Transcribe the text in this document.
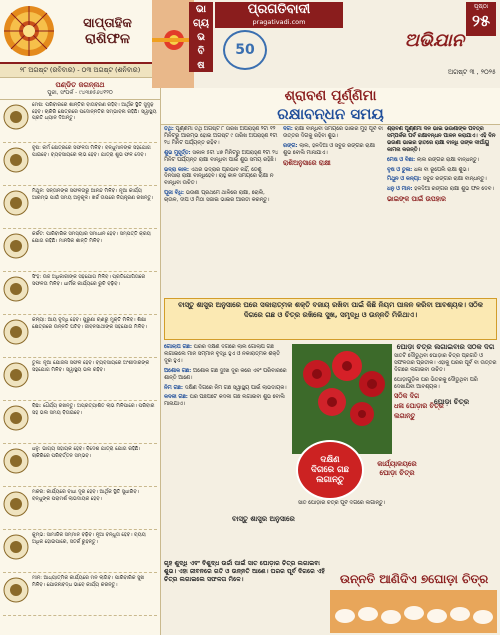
ସାପ୍ତାହିକ
ରାଶିଫଳ
୨୮ ଅଗଷ୍ଟ (ରବିବାର) - ୦୩ ଅଗଷ୍ଟ (ଶନିବାର)
ପଣ୍ଡିତ ଜଗନ୍ନାଥ
ପୁରୀ, ସଂପର୍କ - ୯୪୩୭୫୬୪୧୨୦
ମେଷ: ପରିବାରରେ ଶାନ୍ତିର ବାତାବରଣ ରହିବ। ଆର୍ଥିକ ସ୍ଥିତି ସୁଦୃଢ଼ ହେବ। ଚାକିରି କ୍ଷେତ୍ରରେ ପଦୋନ୍ନତିର ସମ୍ଭାବନା ରହିଛି। ସ୍ୱାସ୍ଥ୍ୟ ପ୍ରତି ଧ୍ୟାନ ଦିଅନ୍ତୁ।
ବୃଷ: କର୍ମ କ୍ଷେତ୍ରରେ ସଫଳତା ମିଳିବ। ବନ୍ଧୁମାନଙ୍କ ସହଯୋଗ ପାଇବେ। ବ୍ୟବସାୟରେ ଲାଭ ହେବ। ଯାତ୍ରା ଶୁଭ ଫଳ ଦେବ।
ମିଥୁନ: ସନ୍ତାନଙ୍କ ସଫଳତାରୁ ଆନନ୍ଦ ମିଳିବ। ନୂଆ କାର୍ଯ୍ୟ ଆରମ୍ଭ ପାଇଁ ସମୟ ଅନୁକୂଳ। ଖର୍ଚ୍ଚ ଉପରେ ନିୟନ୍ତ୍ରଣ ରଖନ୍ତୁ।
କର୍କଟ: ପାରିବାରିକ ସମସ୍ୟାର ସମାଧାନ ହେବ। ସମ୍ପତ୍ତି କ୍ରୟ ଯୋଗ ରହିଛି। ମାନସିକ ଶାନ୍ତି ମିଳିବ।
ସିଂହ: ଉଚ୍ଚ ଅଧିକାରୀଙ୍କ ସହଯୋଗ ମିଳିବ। ପ୍ରତିଯୋଗିତାରେ ସଫଳତା ମିଳିବ। ଧାର୍ମିକ କାର୍ଯ୍ୟରେ ରୁଚି ବଢ଼ିବ।
କନ୍ୟା: ଆୟ ବୃଦ୍ଧି ହେବ। ପୁରୁଣା ଋଣରୁ ମୁକ୍ତି ମିଳିବ। ଶିକ୍ଷା କ୍ଷେତ୍ରରେ ଉନ୍ନତି ଘଟିବ। ଜୀବନସାଥୀଙ୍କ ସହଯୋଗ ମିଳିବ।
ତୁଳା: ନୂଆ ଯୋଜନା ସଫଳ ହେବ। ବ୍ୟବସାୟରେ ଅଂଶୀଦାରଙ୍କ ସହଯୋଗ ମିଳିବ। ସ୍ୱାସ୍ଥ୍ୟ ଭଲ ରହିବ।
ବିଛା: ଧୈର୍ଯ୍ୟ ରଖନ୍ତୁ। ଅପ୍ରତ୍ୟାଶିତ ଲାଭ ମିଳିପାରେ। ପରିବାର ସହ ଭଲ ସମୟ ବିତାଇବେ।
ଧନୁ: ଭାଗ୍ୟ ସହାୟକ ହେବ। ବିଦେଶ ଯାତ୍ରା ଯୋଗ ରହିଛି। ଚାକିରିରେ ପରିବର୍ତ୍ତନ ସମ୍ଭବ।
ମକର: କାର୍ଯ୍ୟରେ ବାଧା ଦୂର ହେବ। ଆର୍ଥିକ ସ୍ଥିତି ସୁଧାରିବ। ବନ୍ଧୁଙ୍କ ପରାମର୍ଶ ଲାଭଦାୟକ ହେବ।
କୁମ୍ଭ: ସାମାଜିକ ସମ୍ମାନ ବଢ଼ିବ। ନୂଆ ବନ୍ଧୁତା ହେବ। ବ୍ୟୟ ଅଧିକ ହୋଇପାରେ, ସତର୍କ ରୁହନ୍ତୁ।
ମୀନ: ଆଧ୍ୟାତ୍ମିକ କାର୍ଯ୍ୟରେ ମନ ଲାଗିବ। ପାରିବାରିକ ସୁଖ ମିଳିବ। ଯୋଜନାବଦ୍ଧ ଭାବେ କାର୍ଯ୍ୟ କରନ୍ତୁ।
ଭା
ଗ୍ୟ
ଭ
ବି
ଷ
ପ୍ରଗତିବାଦୀ
pragativadi.com
50
ପୃଷ୍ଠା
୨୫
ଅଭିଯାନ
ଅଗଷ୍ଟ ୩ , ୨୦୨୫
ଶ୍ରାବଣ ପୂର୍ଣ୍ଣିମା
ରକ୍ଷାବନ୍ଧନ ସମୟ

ତିଥି: ପୂର୍ଣ୍ଣିମା ତିଥି ଅଗଷ୍ଟ ୮ ତାରିଖ ଅପରାହ୍ଣ ୨ଟା ୧୨ ମିନିଟରୁ ଆରମ୍ଭ ହୋଇ ଅଗଷ୍ଟ ୯ ତାରିଖ ଅପରାହ୍ଣ ୧ଟା ୨୪ ମିନିଟ ପର୍ଯ୍ୟନ୍ତ ରହିବ।

ଶୁଭ ମୁହୂର୍ତ୍ତ: ସକାଳ ୫ଟା ୪୭ ମିନିଟରୁ ଅପରାହ୍ଣ ୧ଟା ୨୪ ମିନିଟ ପର୍ଯ୍ୟନ୍ତ ରାକ୍ଷୀ ବାନ୍ଧିବା ପାଇଁ ଶୁଭ ସମୟ ରହିଛି।

ଭଦ୍ରା କାଳ: ଏଥର ଭଦ୍ରାର ପ୍ରଭାବ ନାହିଁ, ତେଣୁ ଦିନସାରା ରାକ୍ଷୀ ବାନ୍ଧିହେବ। ରାହୁ କାଳ ସମୟରେ ରାକ୍ଷୀ ନ ବାନ୍ଧିବା ଉଚିତ।

ପୂଜା ବିଧି: ଭଉଣୀ ପ୍ରଥମେ ଥାଳିରେ ରାକ୍ଷୀ, ରୋଲି, ଚାଉଳ, ଦୀପ ଓ ମିଠା ସଜାଇ ଭାଇର ଆରତୀ କରନ୍ତୁ।

ଦିଗ: ରାକ୍ଷୀ ବାନ୍ଧିବା ସମୟରେ ଭାଇର ମୁହଁ ପୂର୍ବ ବା ଉତ୍ତର ଦିଗକୁ ରହିବା ଶୁଭ।

ରଙ୍ଗ: ଲାଲ, ହଳଦିଆ ଓ ସବୁଜ ରଙ୍ଗର ରାକ୍ଷୀ ଶୁଭ ବୋଲି ମାନାଯାଏ।

ରାଶିଅନୁସାରେ ରାକ୍ଷୀ

ଶ୍ରାବଣ ପୂର୍ଣ୍ଣିମା ଦିନ ଭାଇ ଭଉଣୀଙ୍କ ପବିତ୍ର ସମ୍ପର୍କର ପର୍ବ ରକ୍ଷାବନ୍ଧନ ପାଳନ କରାଯାଏ। ଏହି ଦିନ ଭଉଣୀ ଭାଇର ହାତରେ ରାକ୍ଷୀ ବାନ୍ଧି ତାଙ୍କ ଦୀର୍ଘାୟୁ କାମନା କରନ୍ତି।

ମେଷ ଓ ବିଛା: ଲାଲ ରଙ୍ଗର ରାକ୍ଷୀ ବାନ୍ଧନ୍ତୁ।

ବୃଷ ଓ ତୁଳା: ଧଳା ବା ରୂପେଲି ରାକ୍ଷୀ ଶୁଭ।

ମିଥୁନ ଓ କନ୍ୟା: ସବୁଜ ରଙ୍ଗର ରାକ୍ଷୀ ବାନ୍ଧନ୍ତୁ।

ଧନୁ ଓ ମୀନ: ହଳଦିଆ ରଙ୍ଗର ରାକ୍ଷୀ ଶୁଭ ଫଳ ଦେବ।

ଭାଇଙ୍କ ପାଇଁ ଉପହାର
ବାସ୍ତୁ ଶାସ୍ତ୍ର ଅନୁସାରେ ଘରେ ସକାରାତ୍ମକ ଶକ୍ତି ବଜାୟ ରଖିବା ପାଇଁ କିଛି ନିୟମ ପାଳନ କରିବା ଆବଶ୍ୟକ। ସଠିକ ଦିଗରେ ଗଛ ଓ ଚିତ୍ର ରଖିଲେ ସୁଖ, ସମୃଦ୍ଧି ଓ ଉନ୍ନତି ମିଳିଥାଏ।

ଗୋଲାପ ଗଛ: ଘରର ଦକ୍ଷିଣ ଦିଗରେ ଲାଲ ଗୋଲାପ ଗଛ ଲଗାଇଲେ ମାନ ସମ୍ମାନ ବୃଦ୍ଧି ହୁଏ ଓ ନକାରାତ୍ମକ ଶକ୍ତି ଦୂର ହୁଏ।

ଅଶୋକ ଗଛ: ଅଶୋକ ଗଛ ଦୁଃଖ ଦୂର କରେ ଏବଂ ପରିବାରରେ ଶାନ୍ତି ଆଣେ।

ନିମ ଗଛ: ଦକ୍ଷିଣ ଦିଗରେ ନିମ ଗଛ ସ୍ୱାସ୍ଥ୍ୟ ପାଇଁ ଲାଭଦାୟକ।

କଦଳୀ ଗଛ: ଘର ପଛପଟେ କଦଳୀ ଗଛ ଲଗାଇବା ଶୁଭ ବୋଲି ମାନାଯାଏ।

ଦକ୍ଷିଣ
ଦିଗରେ ଗଛ
ଲଗାନ୍ତୁ
କାର୍ଯ୍ୟାଳୟରେ ଘୋଡ଼ା ଚିତ୍ର
ସାତ ଘୋଡ଼ାର ଚିତ୍ର ପୂର୍ବ ଦିଗରେ ଲଗାନ୍ତୁ।
ବାସ୍ତୁ ଶାସ୍ତ୍ର ଅନୁସାରେ
ଘୋଡ଼ା ଚିତ୍ର ଲଗାଇବାର ସଠିକ ଦିଗ

ସାତଟି ଦୌଡୁଥିବା ଘୋଡ଼ାର ଚିତ୍ର ପ୍ରଗତି ଓ ସଫଳତାର ପ୍ରତୀକ। ଏହାକୁ ଘରର ପୂର୍ବ ବା ଉତ୍ତର ଦିଗରେ ଲଗାଇବା ଉଚିତ।

ଘୋଡ଼ାଗୁଡ଼ିକ ଘର ଭିତରକୁ ଦୌଡୁଥିବା ପରି ଦେଖାଯିବା ଆବଶ୍ୟକ।

ସଠିକ ଦିଗ
ଧଳା ଘୋଡ଼ାର ଚିତ୍ର
ଲଗାନ୍ତୁ
ଗୃହ ଶୁଦ୍ଧି ଏବଂ ବିଶୁଦ୍ଧ ଉର୍ଜା ପାଇଁ ସାତ ଘୋଡ଼ାର ଚିତ୍ର ଲଗାଇବା ଶୁଭ। ଏହା ଜୀବନରେ ଗତି ଓ ଉନ୍ନତି ଆଣେ। ଘରର ପୂର୍ବ ଦିଗରେ ଏହି ଚିତ୍ର ଲଗାଇଲେ ସଫଳତା ମିଳେ।	ଉନ୍ନତି ଆଣିଦିଏ ୭ଘୋଡ଼ା ଚିତ୍ର
ଘୋଡ଼ା ଚିତ୍ର
